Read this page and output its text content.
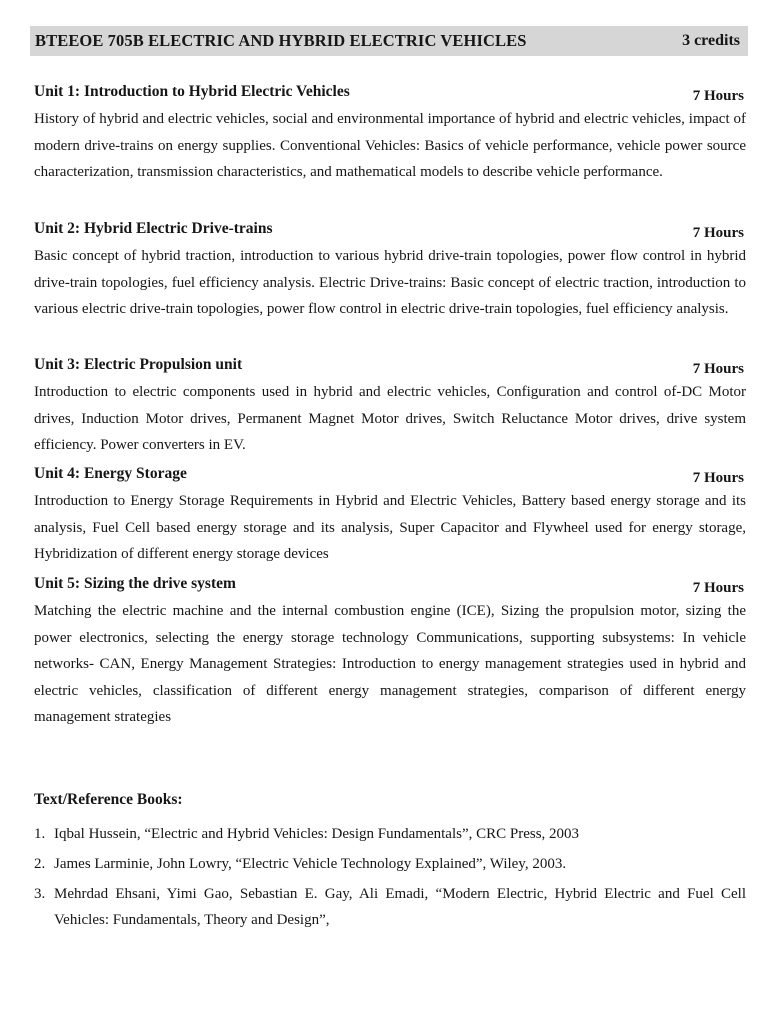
BTEEOE 705B ELECTRIC AND HYBRID ELECTRIC VEHICLES	3 credits
Unit 1: Introduction to Hybrid Electric Vehicles	7 Hours
History of hybrid and electric vehicles, social and environmental importance of hybrid and electric vehicles, impact of modern drive-trains on energy supplies. Conventional Vehicles: Basics of vehicle performance, vehicle power source characterization, transmission characteristics, and mathematical models to describe vehicle performance.
Unit 2: Hybrid Electric Drive-trains	7 Hours
Basic concept of hybrid traction, introduction to various hybrid drive-train topologies, power flow control in hybrid drive-train topologies, fuel efficiency analysis. Electric Drive-trains: Basic concept of electric traction, introduction to various electric drive-train topologies, power flow control in electric drive-train topologies, fuel efficiency analysis.
Unit 3: Electric Propulsion unit	7 Hours
Introduction to electric components used in hybrid and electric vehicles, Configuration and control of-DC Motor drives, Induction Motor drives, Permanent Magnet Motor drives, Switch Reluctance Motor drives, drive system efficiency. Power converters in EV.
Unit 4: Energy Storage	7 Hours
Introduction to Energy Storage Requirements in Hybrid and Electric Vehicles, Battery based energy storage and its analysis, Fuel Cell based energy storage and its analysis, Super Capacitor and Flywheel used for energy storage, Hybridization of different energy storage devices
Unit 5: Sizing the drive system	7 Hours
Matching the electric machine and the internal combustion engine (ICE), Sizing the propulsion motor, sizing the power electronics, selecting the energy storage technology Communications, supporting subsystems: In vehicle networks- CAN, Energy Management Strategies: Introduction to energy management strategies used in hybrid and electric vehicles, classification of different energy management strategies, comparison of different energy management strategies
Text/Reference Books:
1. Iqbal Hussein, “Electric and Hybrid Vehicles: Design Fundamentals”, CRC Press, 2003
2. James Larminie, John Lowry, “Electric Vehicle Technology Explained”, Wiley, 2003.
3. Mehrdad Ehsani, Yimi Gao, Sebastian E. Gay, Ali Emadi, “Modern Electric, Hybrid Electric and Fuel Cell Vehicles: Fundamentals, Theory and Design”,
